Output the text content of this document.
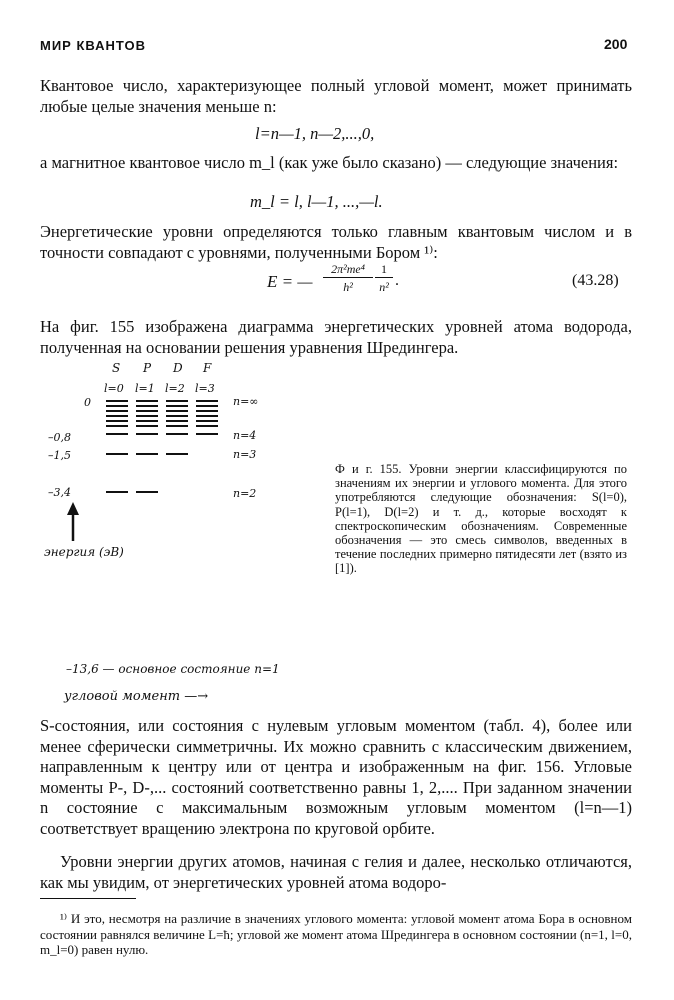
МИР КВАНТОВ	200
Квантовое число, характеризующее полный угловой момент, может принимать любые целые значения меньше n:
l=n—1, n—2,...,0,
а магнитное квантовое число m_l (как уже было сказано) — следующие значения:
m_l = l, l—1, ...,—l.
Энергетические уровни определяются только главным квантовым числом и в точности совпадают с уровнями, полученными Бором ¹⁾:
E = —
2π²me⁴
h²
1
n² .	(43.28)
На фиг. 155 изображена диаграмма энергетических уровней атома водорода, полученная на основании решения уравнения Шредингера.
S P D F
l=0 l=1 l=2 l=3
0
–0,8
–1,5
–3,4
n=∞
n=4
n=3
n=2
энергия (эВ)
–13,6 — основное состояние n=1
угловой момент —→
Ф и г. 155. Уровни энергии классифицируются по значениям их энергии и углового момента. Для этого употребляются следующие обозначения: S(l=0), P(l=1), D(l=2) и т. д., которые восходят к спектроскопическим обозначениям. Современные обозначения — это смесь символов, введенных в течение последних примерно пятидесяти лет (взято из [1]).
S-состояния, или состояния с нулевым угловым моментом (табл. 4), более или менее сферически симметричны. Их можно сравнить с классическим движением, направленным к центру или от центра и изображенным на фиг. 156. Угловые моменты P-, D-,... состояний соответственно равны 1, 2,.... При заданном значении n состояние с максимальным возможным угловым моментом (l=n—1) соответствует вращению электрона по круговой орбите.
Уровни энергии других атомов, начиная с гелия и далее, несколько отличаются, как мы увидим, от энергетических уровней атома водоро-
¹⁾ И это, несмотря на различие в значениях углового момента: угловой момент атома Бора в основном состоянии равнялся величине L=ħ; угловой же момент атома Шредингера в основном состоянии (n=1, l=0, m_l=0) равен нулю.
